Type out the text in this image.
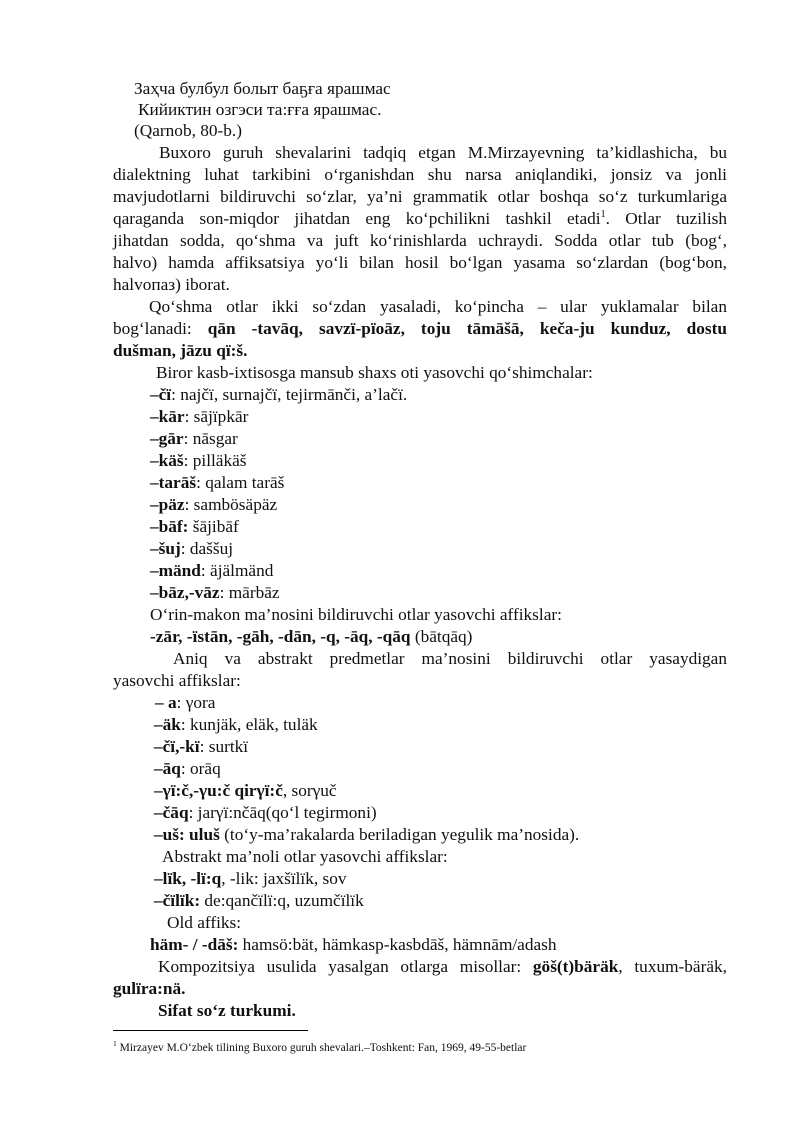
Заҳча булбул болыт баҕға ярашмас
Кийиктин озгэси та:ғға ярашмас.
(Qarnob, 80-b.)
Buxoro guruh shevalarini tadqiq etgan M.Mirzayevning ta’kidlashicha, bu
dialektning luhat tarkibini o‘rganishdan shu narsa aniqlandiki, jonsiz va jonli
mavjudotlarni bildiruvchi so‘zlar, ya’ni grammatik otlar boshqa so‘z turkumlariga
qaraganda son-miqdor jihatdan eng ko‘pchilikni tashkil etadi$^1$. Otlar tuzilish
jihatdan sodda, qo‘shma va juft ko‘rinishlarda uchraydi. Sodda otlar tub (bog‘,
halvo) hamda affiksatsiya yo‘li bilan hosil bo‘lgan yasama so‘zlardan (bog‘bon,
halvопаз) iborat.
Qo‘shma otlar ikki so‘zdan yasaladi, ko‘pincha – ular yuklamalar bilan
bog‘lanadi: qān -tavāq, savzï-pïoāz, toju tāmāšā, keča-ju kunduz, dostu
dušman, jāzu qï:š.
Biror kasb-ixtisosga mansub shaxs oti yasovchi qo‘shimchalar:
–čï: najčï, surnajčï, tejirmānči, a’lačï.
–kār: sājïpkār
–gār: nāsgar
–käš: pilläkäš
–tarāš: qalam tarāš
–päz: sambösäpäz
–bāf: šājibāf
–šuj: daššuj
–mänd: äjälmänd
–bāz,-vāz: mārbāz
O‘rin-makon ma’nosini bildiruvchi otlar yasovchi affikslar:
-zār, -ïstān, -gāh, -dān, -q, -āq, -qāq (bātqāq)
Aniq va abstrakt predmetlar ma’nosini bildiruvchi otlar yasaydigan
yasovchi affikslar:
– a: γora
–äk: kunjäk, eläk, tuläk
–čï,-kï: surtkï
–āq: orāq
–γï:č,-γu:č qirγï:č, sorγuč
–čāq: jarγï:nčāq(qo‘l tegirmoni)
–uš: uluš (to‘y-ma’rakalarda beriladigan yegulik ma’nosida).
Abstrakt ma’noli otlar yasovchi affikslar:
–lïk, -lï:q, -lik: jaxšïlïk, sov
–čïlïk: de:qančïlï:q, uzumčïlïk
Old affiks:
häm- / -dāš: hamsö:bät, hämkasp-kasbdāš, hämnām/adash
Kompozitsiya usulida yasalgan otlarga misollar: göš(t)bäräk, tuxum-bäräk,
gulïra:nä.
Sifat so‘z turkumi.
$^1$ Mirzayev M.O‘zbek tilining Buxoro guruh shevalari.–Toshkent: Fan, 1969, 49-55-betlar
